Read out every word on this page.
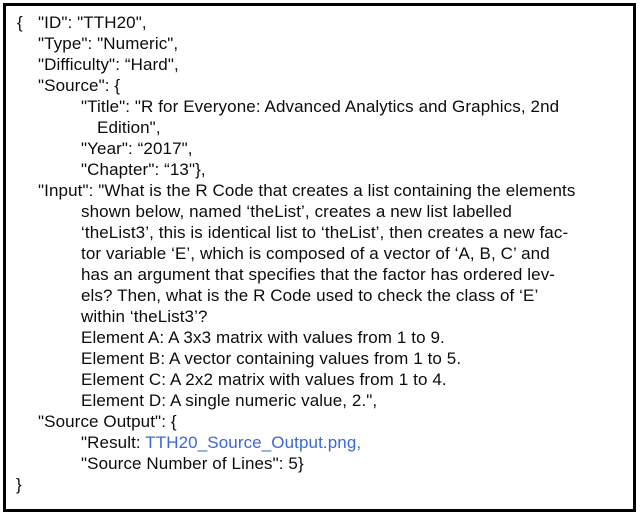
{ "ID": "TTH20",
"Type": "Numeric",
"Difficulty": “Hard",
"Source": {
"Title": "R for Everyone: Advanced Analytics and Graphics, 2nd
Edition",
"Year": “2017",
"Chapter": “13"},
"Input": "What is the R Code that creates a list containing the elements
shown below, named ‘theList’, creates a new list labelled
‘theList3’, this is identical list to ‘theList’, then creates a new fac-
tor variable ‘E’, which is composed of a vector of ‘A, B, C’ and
has an argument that specifies that the factor has ordered lev-
els? Then, what is the R Code used to check the class of ‘E’
within ‘theList3’?
Element A: A 3x3 matrix with values from 1 to 9.
Element B: A vector containing values from 1 to 5.
Element C: A 2x2 matrix with values from 1 to 4.
Element D: A single numeric value, 2.",
"Source Output": {
"Result: TTH20_Source_Output.png,
"Source Number of Lines": 5}
}
